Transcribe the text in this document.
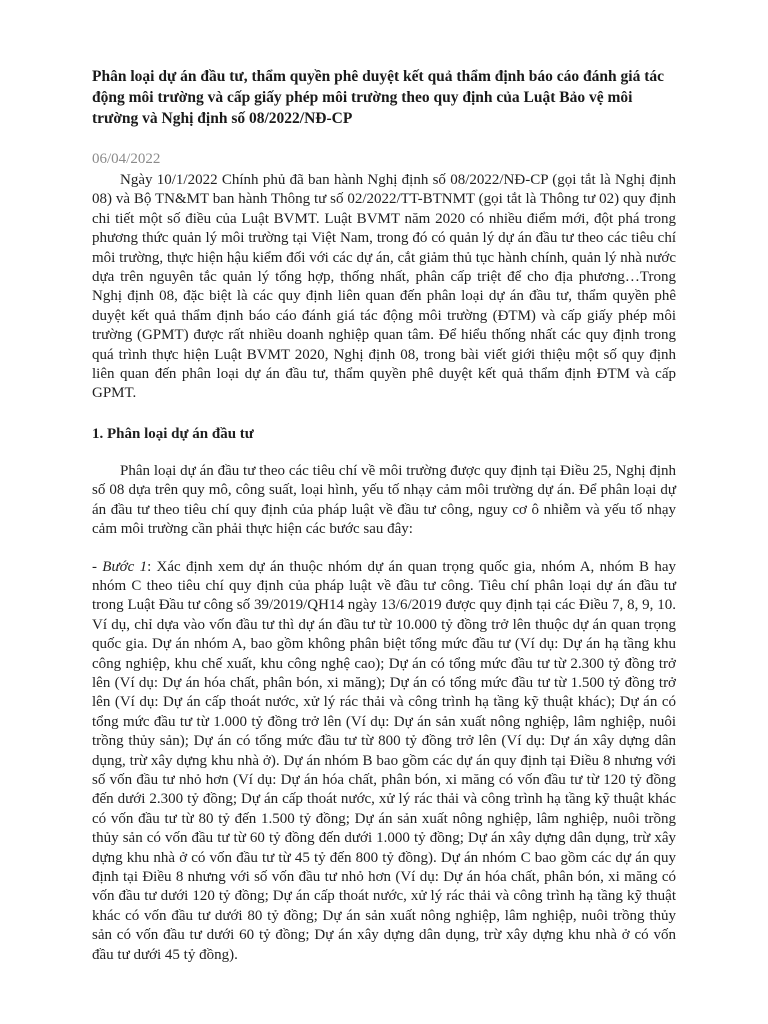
Phân loại dự án đầu tư, thẩm quyền phê duyệt kết quả thẩm định báo cáo đánh giá tác động môi trường và cấp giấy phép môi trường theo quy định của Luật Bảo vệ môi trường và Nghị định số 08/2022/NĐ-CP
06/04/2022

Ngày 10/1/2022 Chính phủ đã ban hành Nghị định số 08/2022/NĐ-CP (gọi tắt là Nghị định 08) và Bộ TN&MT ban hành Thông tư số 02/2022/TT-BTNMT (gọi tắt là Thông tư 02) quy định chi tiết một số điều của Luật BVMT. Luật BVMT năm 2020 có nhiều điểm mới, đột phá trong phương thức quản lý môi trường tại Việt Nam, trong đó có quản lý dự án đầu tư theo các tiêu chí môi trường, thực hiện hậu kiểm đối với các dự án, cắt giảm thủ tục hành chính, quản lý nhà nước dựa trên nguyên tắc quản lý tổng hợp, thống nhất, phân cấp triệt để cho địa phương…Trong Nghị định 08, đặc biệt là các quy định liên quan đến phân loại dự án đầu tư, thẩm quyền phê duyệt kết quả thẩm định báo cáo đánh giá tác động môi trường (ĐTM) và cấp giấy phép môi trường (GPMT) được rất nhiều doanh nghiệp quan tâm. Để hiểu thống nhất các quy định trong quá trình thực hiện Luật BVMT 2020, Nghị định 08, trong bài viết giới thiệu một số quy định liên quan đến phân loại dự án đầu tư, thẩm quyền phê duyệt kết quả thẩm định ĐTM và cấp GPMT.

1. Phân loại dự án đầu tư

Phân loại dự án đầu tư theo các tiêu chí về môi trường được quy định tại Điều 25, Nghị định số 08 dựa trên quy mô, công suất, loại hình, yếu tố nhạy cảm môi trường dự án. Để phân loại dự án đầu tư theo tiêu chí quy định của pháp luật về đầu tư công, nguy cơ ô nhiễm và yếu tố nhạy cảm môi trường cần phải thực hiện các bước sau đây:

- Bước 1: Xác định xem dự án thuộc nhóm dự án quan trọng quốc gia, nhóm A, nhóm B hay nhóm C theo tiêu chí quy định của pháp luật về đầu tư công. Tiêu chí phân loại dự án đầu tư trong Luật Đầu tư công số 39/2019/QH14 ngày 13/6/2019 được quy định tại các Điều 7, 8, 9, 10. Ví dụ, chỉ dựa vào vốn đầu tư thì dự án đầu tư từ 10.000 tỷ đồng trở lên thuộc dự án quan trọng quốc gia. Dự án nhóm A, bao gồm không phân biệt tổng mức đầu tư (Ví dụ: Dự án hạ tầng khu công nghiệp, khu chế xuất, khu công nghệ cao); Dự án có tổng mức đầu tư từ 2.300 tỷ đồng trở lên (Ví dụ: Dự án hóa chất, phân bón, xi măng); Dự án có tổng mức đầu tư từ 1.500 tỷ đồng trở lên (Ví dụ: Dự án cấp thoát nước, xử lý rác thải và công trình hạ tầng kỹ thuật khác); Dự án có tổng mức đầu tư từ 1.000 tỷ đồng trở lên (Ví dụ: Dự án sản xuất nông nghiệp, lâm nghiệp, nuôi trồng thủy sản); Dự án có tổng mức đầu tư từ 800 tỷ đồng trở lên (Ví dụ: Dự án xây dựng dân dụng, trừ xây dựng khu nhà ở). Dự án nhóm B bao gồm các dự án quy định tại Điều 8 nhưng với số vốn đầu tư nhỏ hơn (Ví dụ: Dự án hóa chất, phân bón, xi măng có vốn đầu tư từ 120 tỷ đồng đến dưới 2.300 tỷ đồng; Dự án cấp thoát nước, xử lý rác thải và công trình hạ tầng kỹ thuật khác có vốn đầu tư từ 80 tỷ đến 1.500 tỷ đồng; Dự án sản xuất nông nghiệp, lâm nghiệp, nuôi trồng thủy sản có vốn đầu tư từ 60 tỷ đồng đến dưới 1.000 tỷ đồng; Dự án xây dựng dân dụng, trừ xây dựng khu nhà ở có vốn đầu tư từ 45 tỷ đến 800 tỷ đồng). Dự án nhóm C bao gồm các dự án quy định tại Điều 8 nhưng với số vốn đầu tư nhỏ hơn (Ví dụ: Dự án hóa chất, phân bón, xi măng có vốn đầu tư dưới 120 tỷ đồng; Dự án cấp thoát nước, xử lý rác thải và công trình hạ tầng kỹ thuật khác có vốn đầu tư dưới 80 tỷ đồng; Dự án sản xuất nông nghiệp, lâm nghiệp, nuôi trồng thủy sản có vốn đầu tư dưới 60 tỷ đồng; Dự án xây dựng dân dụng, trừ xây dựng khu nhà ở có vốn đầu tư dưới 45 tỷ đồng).
